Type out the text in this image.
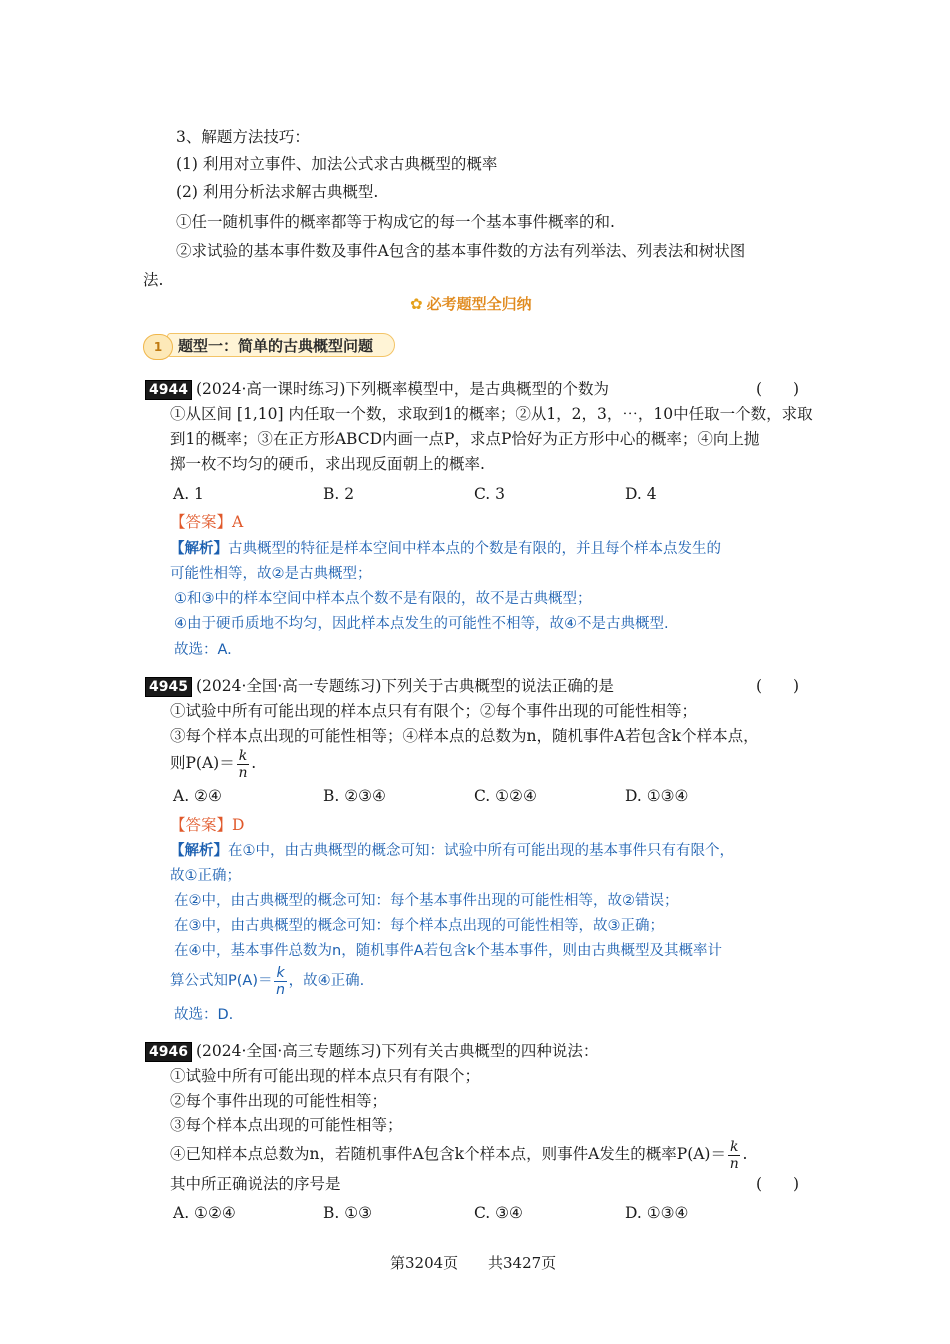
3、解题方法技巧：
(1) 利用对立事件、加法公式求古典概型的概率
(2) 利用分析法求解古典概型.
①任一随机事件的概率都等于构成它的每一个基本事件概率的和.
②求试验的基本事件数及事件A包含的基本事件数的方法有列举法、列表法和树状图
法.
✿ 必考题型全归纳
题型一：简单的古典概型问题
1
4944 (2024·高一课时练习)下列概率模型中，是古典概型的个数为	(　　)
①从区间 [1,10] 内任取一个数，求取到1的概率；②从1，2，3，⋯，10中任取一个数，求取
到1的概率；③在正方形ABCD内画一点P，求点P恰好为正方形中心的概率；④向上抛
掷一枚不均匀的硬币，求出现反面朝上的概率.
A. 1	B. 2	C. 3	D. 4
【答案】A
【解析】古典概型的特征是样本空间中样本点的个数是有限的，并且每个样本点发生的
可能性相等，故②是古典概型；
①和③中的样本空间中样本点个数不是有限的，故不是古典概型；
④由于硬币质地不均匀，因此样本点发生的可能性不相等，故④不是古典概型.
故选：A.
4945 (2024·全国·高一专题练习)下列关于古典概型的说法正确的是	(　　)
①试验中所有可能出现的样本点只有有限个；②每个事件出现的可能性相等；
③每个样本点出现的可能性相等；④样本点的总数为n，随机事件A若包含k个样本点，
则$P(A)= \frac{k}{n}$ .
A. ②④	B. ②③④	C. ①②④	D. ①③④
【答案】D
【解析】在①中，由古典概型的概念可知：试验中所有可能出现的基本事件只有有限个，
故①正确；
在②中，由古典概型的概念可知：每个基本事件出现的可能性相等，故②错误；
在③中，由古典概型的概念可知：每个样本点出现的可能性相等，故③正确；
在④中，基本事件总数为n，随机事件A若包含k个基本事件，则由古典概型及其概率计
算公式知$P(A)= \frac{k}{n}$ ，故④正确.
故选：D.
4946 (2024·全国·高三专题练习)下列有关古典概型的四种说法：
①试验中所有可能出现的样本点只有有限个；
②每个事件出现的可能性相等；
③每个样本点出现的可能性相等；
④已知样本点总数为n，若随机事件A包含k个样本点，则事件A发生的概率$P(A)= \frac{k}{n}$ .
其中所正确说法的序号是	(　　)
A. ①②④	B. ①③	C. ③④	D. ①③④
第3204页 共3427页
